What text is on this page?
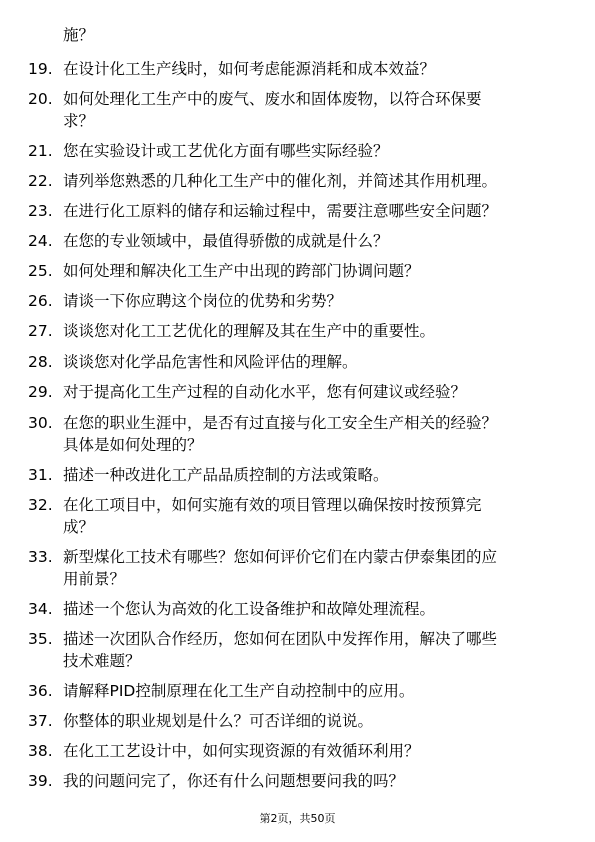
施？
19. 在设计化工生产线时，如何考虑能源消耗和成本效益？
20. 如何处理化工生产中的废气、废水和固体废物，以符合环保要
求？
21. 您在实验设计或工艺优化方面有哪些实际经验？
22. 请列举您熟悉的几种化工生产中的催化剂，并简述其作用机理。
23. 在进行化工原料的储存和运输过程中，需要注意哪些安全问题？
24. 在您的专业领域中，最值得骄傲的成就是什么？
25. 如何处理和解决化工生产中出现的跨部门协调问题？
26. 请谈一下你应聘这个岗位的优势和劣势？
27. 谈谈您对化工工艺优化的理解及其在生产中的重要性。
28. 谈谈您对化学品危害性和风险评估的理解。
29. 对于提高化工生产过程的自动化水平，您有何建议或经验？
30. 在您的职业生涯中，是否有过直接与化工安全生产相关的经验？
具体是如何处理的？
31. 描述一种改进化工产品品质控制的方法或策略。
32. 在化工项目中，如何实施有效的项目管理以确保按时按预算完
成？
33. 新型煤化工技术有哪些？您如何评价它们在内蒙古伊泰集团的应
用前景？
34. 描述一个您认为高效的化工设备维护和故障处理流程。
35. 描述一次团队合作经历，您如何在团队中发挥作用，解决了哪些
技术难题？
36. 请解释PID控制原理在化工生产自动控制中的应用。
37. 你整体的职业规划是什么？可否详细的说说。
38. 在化工工艺设计中，如何实现资源的有效循环利用？
39. 我的问题问完了，你还有什么问题想要问我的吗？
第2页，共50页
